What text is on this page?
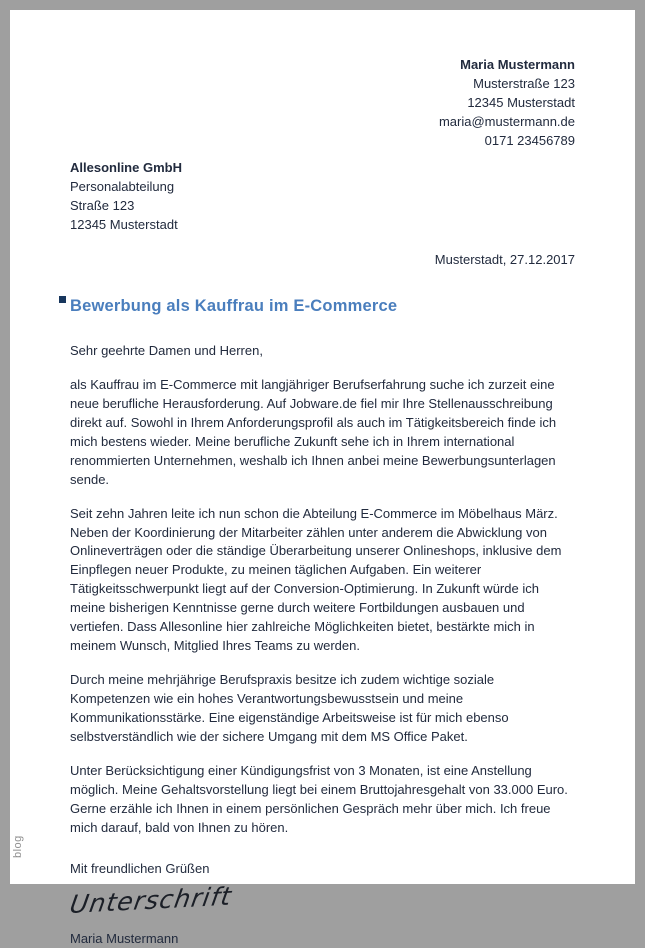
Maria Mustermann
Musterstraße 123
12345 Musterstadt
maria@mustermann.de
0171 23456789
Allesonline GmbH
Personalabteilung
Straße 123
12345 Musterstadt
Musterstadt, 27.12.2017
Bewerbung als Kauffrau im E-Commerce
Sehr geehrte Damen und Herren,
als Kauffrau im E-Commerce mit langjähriger Berufserfahrung suche ich zurzeit eine neue berufliche Herausforderung. Auf Jobware.de fiel mir Ihre Stellenausschreibung direkt auf. Sowohl in Ihrem Anforderungsprofil als auch im Tätigkeitsbereich finde ich mich bestens wieder. Meine berufliche Zukunft sehe ich in Ihrem international renommierten Unternehmen, weshalb ich Ihnen anbei meine Bewerbungsunterlagen sende.
Seit zehn Jahren leite ich nun schon die Abteilung E-Commerce im Möbelhaus März. Neben der Koordinierung der Mitarbeiter zählen unter anderem die Abwicklung von Onlineverträgen oder die ständige Überarbeitung unserer Onlineshops, inklusive dem Einpflegen neuer Produkte, zu meinen täglichen Aufgaben. Ein weiterer Tätigkeitsschwerpunkt liegt auf der Conversion-Optimierung. In Zukunft würde ich meine bisherigen Kenntnisse gerne durch weitere Fortbildungen ausbauen und vertiefen. Dass Allesonline hier zahlreiche Möglichkeiten bietet, bestärkte mich in meinem Wunsch, Mitglied Ihres Teams zu werden.
Durch meine mehrjährige Berufspraxis besitze ich zudem wichtige soziale Kompetenzen wie ein hohes Verantwortungsbewusstsein und meine Kommunikationsstärke. Eine eigenständige Arbeitsweise ist für mich ebenso selbstverständlich wie der sichere Umgang mit dem MS Office Paket.
Unter Berücksichtigung einer Kündigungsfrist von 3 Monaten, ist eine Anstellung möglich. Meine Gehaltsvorstellung liegt bei einem Bruttojahresgehalt von 33.000 Euro. Gerne erzähle ich Ihnen in einem persönlichen Gespräch mehr über mich. Ich freue mich darauf, bald von Ihnen zu hören.
Mit freundlichen Grüßen
Unterschrift
Maria Mustermann
blog
